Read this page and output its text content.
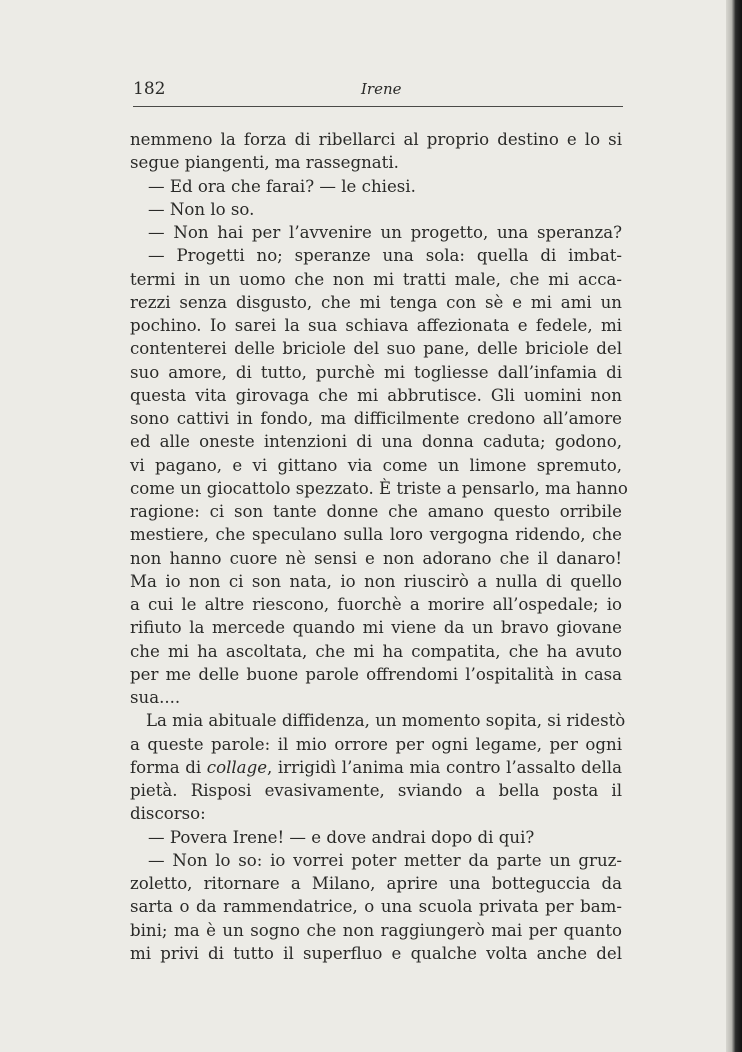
182	Irene
nemmeno la forza di ribellarci al proprio destino e lo si
segue piangenti, ma rassegnati.
— Ed ora che farai? — le chiesi.
— Non lo so.
— Non hai per l’avvenire un progetto, una speranza?
— Progetti no; speranze una sola: quella di imbat-
termi in un uomo che non mi tratti male, che mi acca-
rezzi senza disgusto, che mi tenga con sè e mi ami un
pochino. Io sarei la sua schiava affezionata e fedele, mi
contenterei delle briciole del suo pane, delle briciole del
suo amore, di tutto, purchè mi togliesse dall’infamia di
questa vita girovaga che mi abbrutisce. Gli uomini non
sono cattivi in fondo, ma difficilmente credono all’amore
ed alle oneste intenzioni di una donna caduta; godono,
vi pagano, e vi gittano via come un limone spremuto,
come un giocattolo spezzato. È triste a pensarlo, ma hanno
ragione: ci son tante donne che amano questo orribile
mestiere, che speculano sulla loro vergogna ridendo, che
non hanno cuore nè sensi e non adorano che il danaro!
Ma io non ci son nata, io non riuscirò a nulla di quello
a cui le altre riescono, fuorchè a morire all’ospedale; io
rifiuto la mercede quando mi viene da un bravo giovane
che mi ha ascoltata, che mi ha compatita, che ha avuto
per me delle buone parole offrendomi l’ospitalità in casa
sua....
La mia abituale diffidenza, un momento sopita, si ridestò
a queste parole: il mio orrore per ogni legame, per ogni
forma di collage, irrigidì l’anima mia contro l’assalto della
pietà. Risposi evasivamente, sviando a bella posta il
discorso:
— Povera Irene! — e dove andrai dopo di qui?
— Non lo so: io vorrei poter metter da parte un gruz-
zoletto, ritornare a Milano, aprire una botteguccia da
sarta o da rammendatrice, o una scuola privata per bam-
bini; ma è un sogno che non raggiungerò mai per quanto
mi privi di tutto il superfluo e qualche volta anche del
